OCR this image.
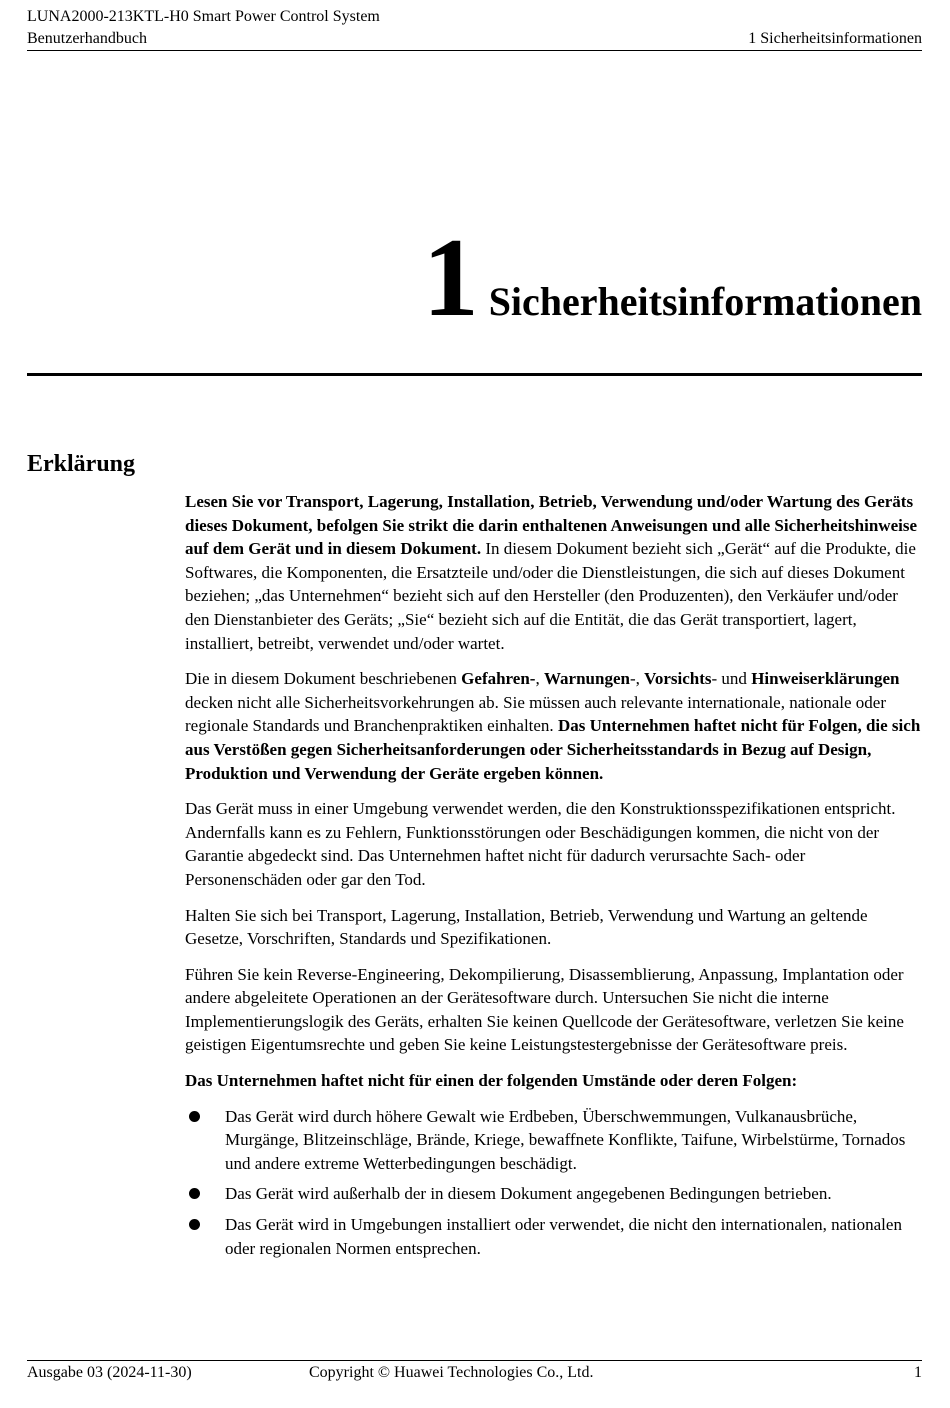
LUNA2000-213KTL-H0 Smart Power Control System
Benutzerhandbuch	1 Sicherheitsinformationen
1 Sicherheitsinformationen
Erklärung

Lesen Sie vor Transport, Lagerung, Installation, Betrieb, Verwendung und/oder Wartung des Geräts dieses Dokument, befolgen Sie strikt die darin enthaltenen Anweisungen und alle Sicherheitshinweise auf dem Gerät und in diesem Dokument. In diesem Dokument bezieht sich „Gerät“ auf die Produkte, die Softwares, die Komponenten, die Ersatzteile und/oder die Dienstleistungen, die sich auf dieses Dokument beziehen; „das Unternehmen“ bezieht sich auf den Hersteller (den Produzenten), den Verkäufer und/oder den Dienstanbieter des Geräts; „Sie“ bezieht sich auf die Entität, die das Gerät transportiert, lagert, installiert, betreibt, verwendet und/oder wartet.

Die in diesem Dokument beschriebenen Gefahren-, Warnungen-, Vorsichts- und Hinweiserklärungen decken nicht alle Sicherheitsvorkehrungen ab. Sie müssen auch relevante internationale, nationale oder regionale Standards und Branchenpraktiken einhalten. Das Unternehmen haftet nicht für Folgen, die sich aus Verstößen gegen Sicherheitsanforderungen oder Sicherheitsstandards in Bezug auf Design, Produktion und Verwendung der Geräte ergeben können.

Das Gerät muss in einer Umgebung verwendet werden, die den Konstruktionsspezifikationen entspricht. Andernfalls kann es zu Fehlern, Funktionsstörungen oder Beschädigungen kommen, die nicht von der Garantie abgedeckt sind. Das Unternehmen haftet nicht für dadurch verursachte Sach- oder Personenschäden oder gar den Tod.

Halten Sie sich bei Transport, Lagerung, Installation, Betrieb, Verwendung und Wartung an geltende Gesetze, Vorschriften, Standards und Spezifikationen.

Führen Sie kein Reverse-Engineering, Dekompilierung, Disassemblierung, Anpassung, Implantation oder andere abgeleitete Operationen an der Gerätesoftware durch. Untersuchen Sie nicht die interne Implementierungslogik des Geräts, erhalten Sie keinen Quellcode der Gerätesoftware, verletzen Sie keine geistigen Eigentumsrechte und geben Sie keine Leistungstestergebnisse der Gerätesoftware preis.

Das Unternehmen haftet nicht für einen der folgenden Umstände oder deren Folgen:

Das Gerät wird durch höhere Gewalt wie Erdbeben, Überschwemmungen, Vulkanausbrüche, Murgänge, Blitzeinschläge, Brände, Kriege, bewaffnete Konflikte, Taifune, Wirbelstürme, Tornados und andere extreme Wetterbedingungen beschädigt.
Das Gerät wird außerhalb der in diesem Dokument angegebenen Bedingungen betrieben.
Das Gerät wird in Umgebungen installiert oder verwendet, die nicht den internationalen, nationalen oder regionalen Normen entsprechen.
Ausgabe 03 (2024-11-30)	Copyright © Huawei Technologies Co., Ltd.	1
